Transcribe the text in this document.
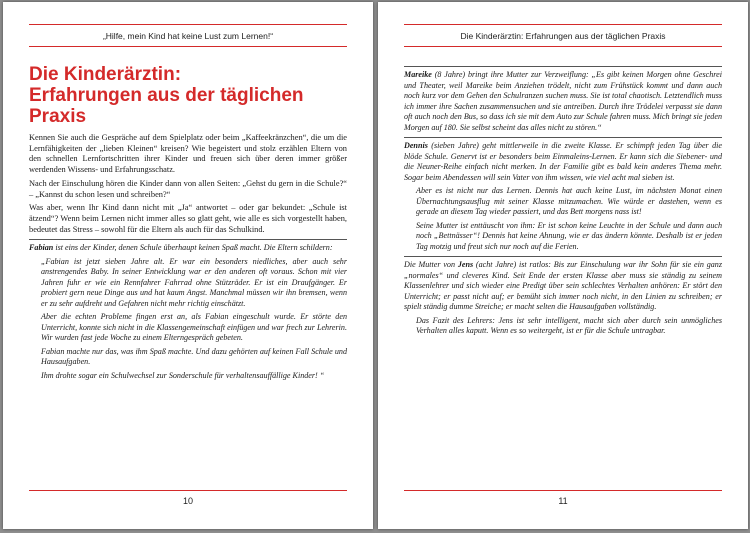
„Hilfe, mein Kind hat keine Lust zum Lernen!“
Die Kinderärztin:
Erfahrungen aus der täglichen Praxis

Kennen Sie auch die Gespräche auf dem Spielplatz oder beim „Kaffeekränzchen“, die um die Lernfähigkeiten der „lieben Kleinen“ kreisen? Wie begeistert und stolz erzählen Eltern von den schnellen Lernfortschritten ihrer Kinder und freuen sich über deren immer größer werdenden Wissens- und Erfahrungsschatz.

Nach der Einschulung hören die Kinder dann von allen Seiten: „Gehst du gern in die Schule?“ – „Kannst du schon lesen und schreiben?“

Was aber, wenn Ihr Kind dann nicht mit „Ja“ antwortet – oder gar bekundet: „Schule ist ätzend“? Wenn beim Lernen nicht immer alles so glatt geht, wie alle es sich vorgestellt haben, bedeutet das Stress – sowohl für die Eltern als auch für das Schulkind.

Fabian ist eins der Kinder, denen Schule überhaupt keinen Spaß macht. Die Eltern schildern:

„Fabian ist jetzt sieben Jahre alt. Er war ein besonders niedliches, aber auch sehr anstrengendes Baby. In seiner Entwicklung war er den anderen oft voraus. Schon mit vier Jahren fuhr er wie ein Rennfahrer Fahrrad ohne Stützräder. Er ist ein Draufgänger. Er probiert gern neue Dinge aus und hat kaum Angst. Manchmal müssen wir ihn bremsen, wenn er zu sehr aufdreht und Gefahren nicht mehr richtig einschätzt.

Aber die echten Probleme fingen erst an, als Fabian eingeschult wurde. Er störte den Unterricht, konnte sich nicht in die Klassengemeinschaft einfügen und war frech zur Lehrerin. Wir wurden fast jede Woche zu einem Elterngespräch gebeten.

Fabian machte nur das, was ihm Spaß machte. Und dazu gehörten auf keinen Fall Schule und Hausaufgaben.

Ihm drohte sogar ein Schulwechsel zur Sonderschule für verhaltensauffällige Kinder! “

10
Die Kinderärztin: Erfahrungen aus der täglichen Praxis

Mareike (8 Jahre) bringt ihre Mutter zur Verzweiflung: „Es gibt keinen Morgen ohne Geschrei und Theater, weil Mareike beim Anziehen trödelt, nicht zum Frühstück kommt und dann auch noch kurz vor dem Gehen den Schulranzen suchen muss. Sie ist total chaotisch. Letztendlich muss ich immer ihre Sachen zusammensuchen und sie antreiben. Durch ihre Trödelei verpasst sie dann oft auch noch den Bus, so dass ich sie mit dem Auto zur Schule fahren muss. Mich bringt sie jeden Morgen auf 180. Sie selbst scheint das alles nicht zu stören.“

Dennis (sieben Jahre) geht mittlerweile in die zweite Klasse. Er schimpft jeden Tag über die blöde Schule. Genervt ist er besonders beim Einmaleins-Lernen. Er kann sich die Siebener- und die Neuner-Reihe einfach nicht merken. In der Familie gibt es bald kein anderes Thema mehr. Sogar beim Abendessen will sein Vater von ihm wissen, wie viel acht mal sieben ist.

Aber es ist nicht nur das Lernen. Dennis hat auch keine Lust, im nächsten Monat einen Übernachtungsausflug mit seiner Klasse mitzumachen. Wie würde er dastehen, wenn es gerade an diesem Tag wieder passiert, und das Bett morgens nass ist!

Seine Mutter ist enttäuscht von ihm: Er ist schon keine Leuchte in der Schule und dann auch noch „Bettnässer“! Dennis hat keine Ahnung, wie er das ändern könnte. Deshalb ist er jeden Tag motzig und freut sich nur noch auf die Ferien.

Die Mutter von Jens (acht Jahre) ist ratlos: Bis zur Einschulung war ihr Sohn für sie ein ganz „normales“ und cleveres Kind. Seit Ende der ersten Klasse aber muss sie ständig zu seinem Klassenlehrer und sich wieder eine Predigt über sein schlechtes Verhalten anhören: Er stört den Unterricht; er passt nicht auf; er bemüht sich immer noch nicht, in den Linien zu schreiben; er spielt ständig dumme Streiche; er macht selten die Hausaufgaben vollständig.

Das Fazit des Lehrers: Jens ist sehr intelligent, macht sich aber durch sein unmögliches Verhalten alles kaputt. Wenn es so weitergeht, ist er für die Schule untragbar.

11
